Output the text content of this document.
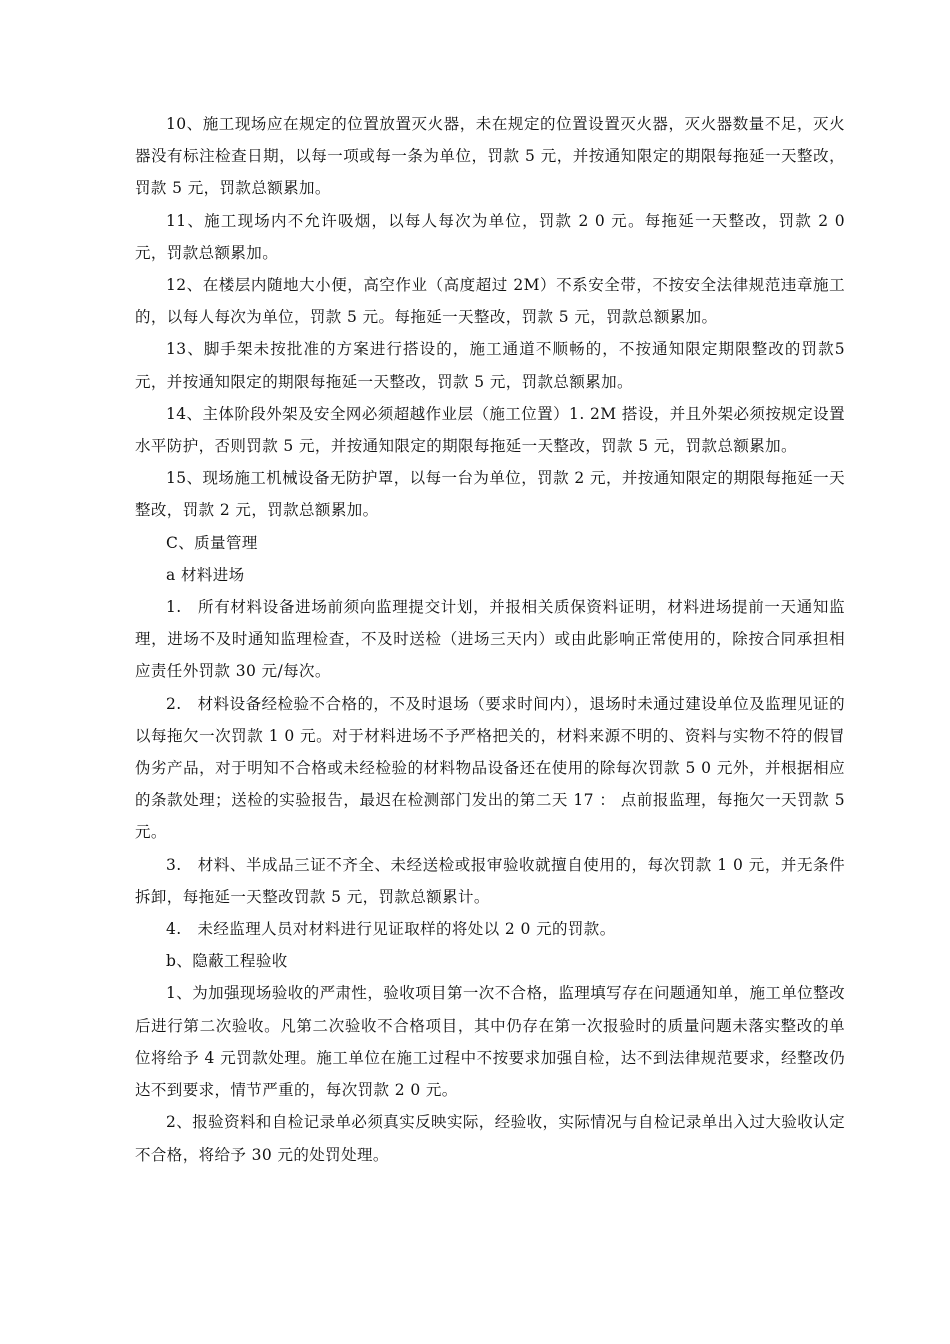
10、施工现场应在规定的位置放置灭火器，未在规定的位置设置灭火器，灭火器数量不足，灭火器没有标注检查日期，以每一项或每一条为单位，罚款 5 元，并按通知限定的期限每拖延一天整改，罚款 5 元，罚款总额累加。

11、施工现场内不允许吸烟，以每人每次为单位，罚款 2 0 元。每拖延一天整改，罚款 2 0 元，罚款总额累加。

12、在楼层内随地大小便，高空作业（高度超过 2M）不系安全带，不按安全法律规范违章施工的，以每人每次为单位，罚款 5 元。每拖延一天整改，罚款 5 元，罚款总额累加。

13、脚手架未按批准的方案进行搭设的，施工通道不顺畅的，不按通知限定期限整改的罚款5元，并按通知限定的期限每拖延一天整改，罚款 5 元，罚款总额累加。

14、主体阶段外架及安全网必须超越作业层（施工位置）1. 2M 搭设，并且外架必须按规定设置水平防护，否则罚款 5 元，并按通知限定的期限每拖延一天整改，罚款 5 元，罚款总额累加。

15、现场施工机械设备无防护罩，以每一台为单位，罚款 2 元，并按通知限定的期限每拖延一天整改，罚款 2 元，罚款总额累加。

C、质量管理

a 材料进场

1.　所有材料设备进场前须向监理提交计划，并报相关质保资料证明，材料进场提前一天通知监理，进场不及时通知监理检查，不及时送检（进场三天内）或由此影响正常使用的，除按合同承担相应责任外罚款 30 元/每次。

2.　材料设备经检验不合格的，不及时退场（要求时间内），退场时未通过建设单位及监理见证的以每拖欠一次罚款 1 0 元。对于材料进场不予严格把关的，材料来源不明的、资料与实物不符的假冒伪劣产品，对于明知不合格或未经检验的材料物品设备还在使用的除每次罚款 5 0 元外，并根据相应的条款处理；送检的实验报告，最迟在检测部门发出的第二天 17 ： 点前报监理，每拖欠一天罚款 5 元。

3.　材料、半成品三证不齐全、未经送检或报审验收就擅自使用的，每次罚款 1 0 元，并无条件拆卸，每拖延一天整改罚款 5 元，罚款总额累计。

4.　未经监理人员对材料进行见证取样的将处以 2 0 元的罚款。

b、隐蔽工程验收

1、为加强现场验收的严肃性，验收项目第一次不合格，监理填写存在问题通知单，施工单位整改后进行第二次验收。凡第二次验收不合格项目，其中仍存在第一次报验时的质量问题未落实整改的单位将给予 4 元罚款处理。施工单位在施工过程中不按要求加强自检，达不到法律规范要求，经整改仍达不到要求，情节严重的，每次罚款 2 0 元。

2、报验资料和自检记录单必须真实反映实际，经验收，实际情况与自检记录单出入过大验收认定不合格，将给予 30 元的处罚处理。
